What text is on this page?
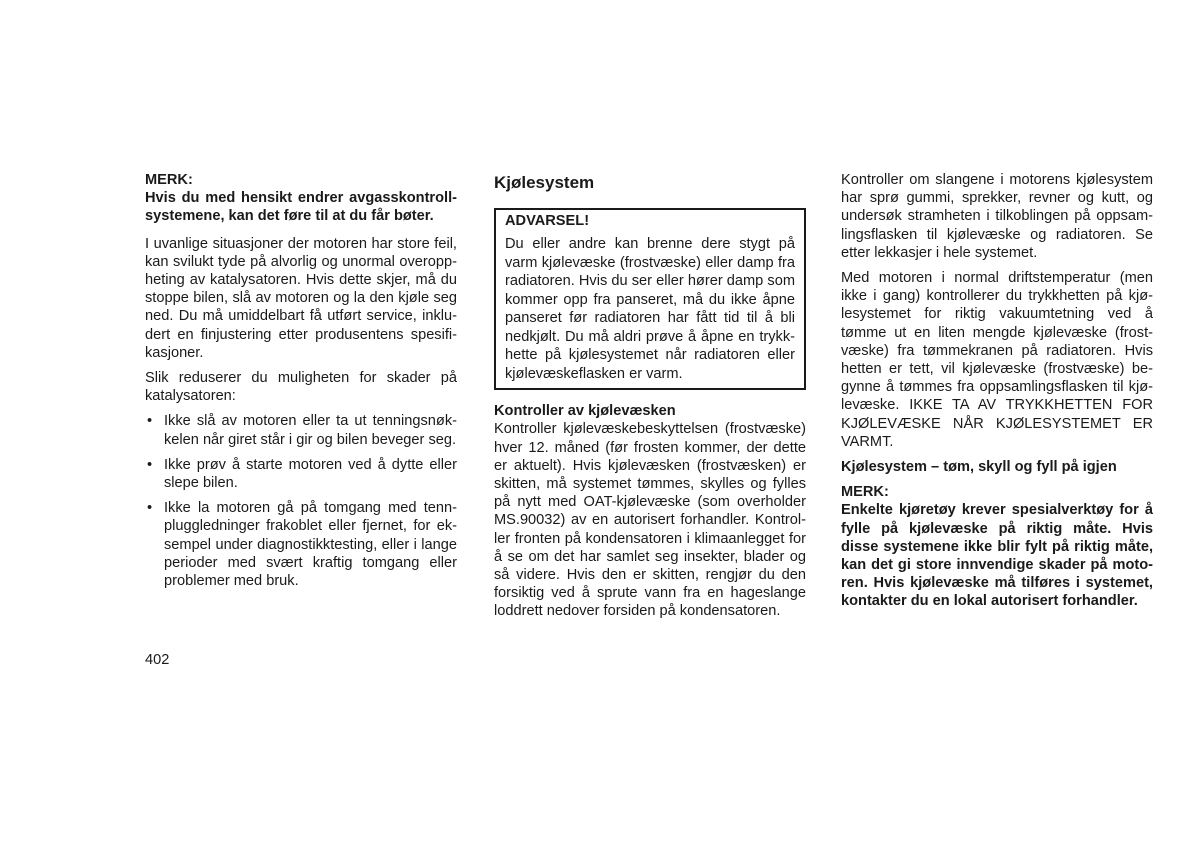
MERK:

Hvis du med hensikt endrer avgasskontroll-systemene, kan det føre til at du får bøter.

I uvanlige situasjoner der motoren har store feil, kan svilukt tyde på alvorlig og unormal overopp-heting av katalysatoren. Hvis dette skjer, må du stoppe bilen, slå av motoren og la den kjøle seg ned. Du må umiddelbart få utført service, inklu-dert en finjustering etter produsentens spesifi-kasjoner.

Slik reduserer du muligheten for skader på katalysatoren:

• Ikke slå av motoren eller ta ut tenningsnøk-kelen når giret står i gir og bilen beveger seg.
• Ikke prøv å starte motoren ved å dytte eller slepe bilen.
• Ikke la motoren gå på tomgang med tenn-pluggledninger frakoblet eller fjernet, for ek-sempel under diagnostikktesting, eller i lange perioder med svært kraftig tomgang eller problemer med bruk.
Kjølesystem

ADVARSEL!

Du eller andre kan brenne dere stygt på varm kjølevæske (frostvæske) eller damp fra radiatoren. Hvis du ser eller hører damp som kommer opp fra panseret, må du ikke åpne panseret før radiatoren har fått tid til å bli nedkjølt. Du må aldri prøve å åpne en trykk-hette på kjølesystemet når radiatoren eller kjølevæskeflasken er varm.

Kontroller av kjølevæsken

Kontroller kjølevæskebeskyttelsen (frostvæske) hver 12. måned (før frosten kommer, der dette er aktuelt). Hvis kjølevæsken (frostvæsken) er skitten, må systemet tømmes, skylles og fylles på nytt med OAT-kjølevæske (som overholder MS.90032) av en autorisert forhandler. Kontrol-ler fronten på kondensatoren i klimaanlegget for å se om det har samlet seg insekter, blader og så videre. Hvis den er skitten, rengjør du den forsiktig ved å sprute vann fra en hageslange loddrett nedover forsiden på kondensatoren.

Kontroller om slangene i motorens kjølesystem har sprø gummi, sprekker, revner og kutt, og undersøk stramheten i tilkoblingen på oppsam-lingsflasken til kjølevæske og radiatoren. Se etter lekkasjer i hele systemet.

Med motoren i normal driftstemperatur (men ikke i gang) kontrollerer du trykkhetten på kjø-lesystemet for riktig vakuumtetning ved å tømme ut en liten mengde kjølevæske (frost-væske) fra tømmekranen på radiatoren. Hvis hetten er tett, vil kjølevæske (frostvæske) be-gynne å tømmes fra oppsamlingsflasken til kjø-levæske. IKKE TA AV TRYKKHETTEN FOR KJØLEVÆSKE NÅR KJØLESYSTEMET ER VARMT.

Kjølesystem – tøm, skyll og fyll på igjen

MERK:

Enkelte kjøretøy krever spesialverktøy for å fylle på kjølevæske på riktig måte. Hvis disse systemene ikke blir fylt på riktig måte, kan det gi store innvendige skader på moto-ren. Hvis kjølevæske må tilføres i systemet, kontakter du en lokal autorisert forhandler.

402
